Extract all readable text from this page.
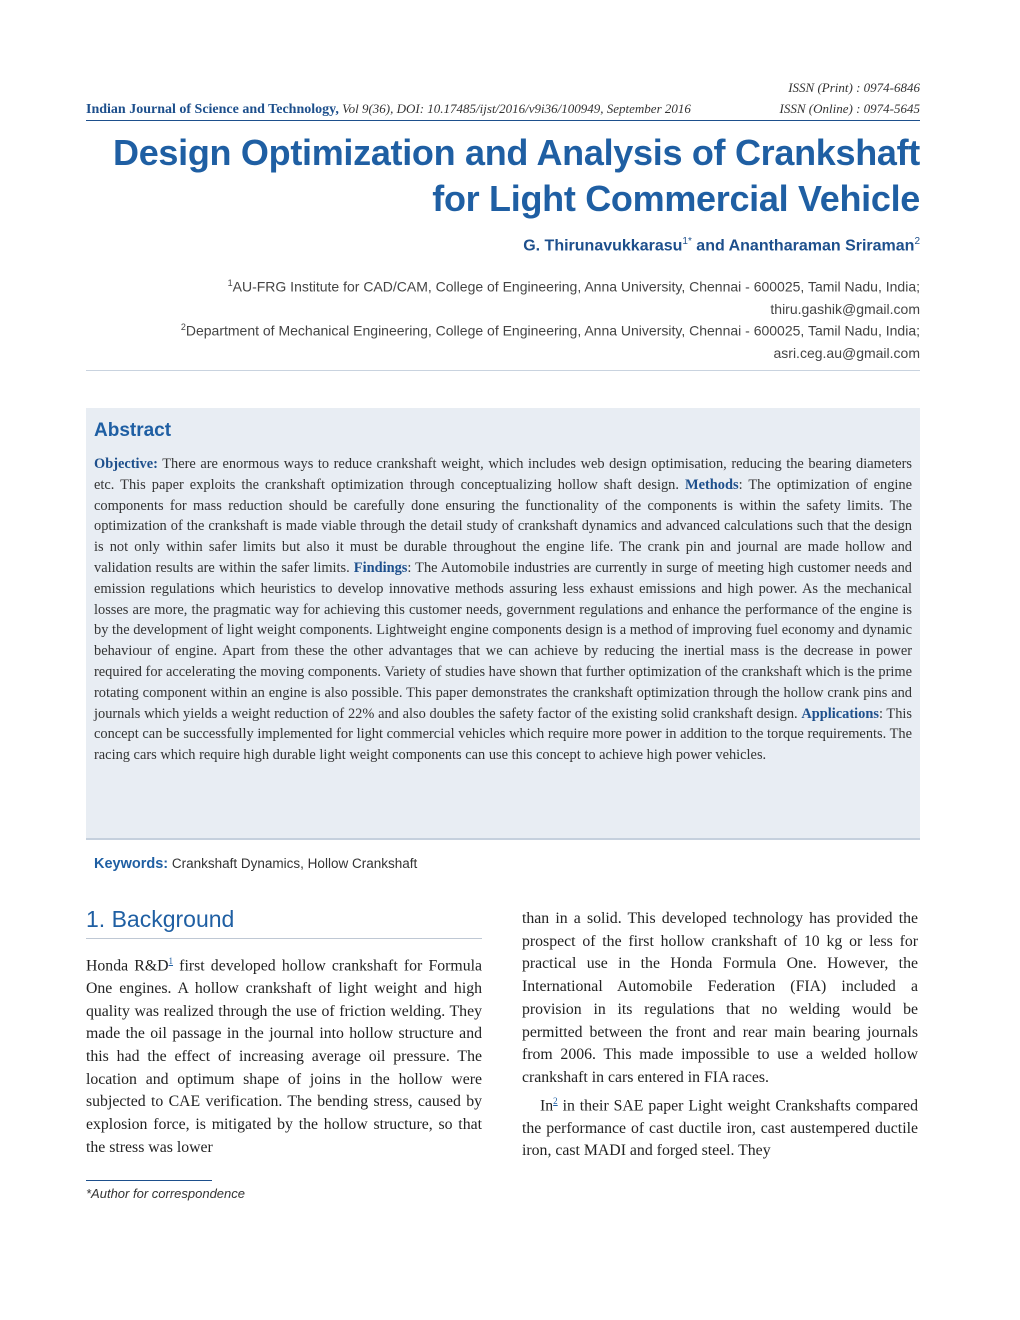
ISSN (Print) : 0974-6846
Indian Journal of Science and Technology, Vol 9(36), DOI: 10.17485/ijst/2016/v9i36/100949, September 2016	ISSN (Online) : 0974-5645
Design Optimization and Analysis of Crankshaft for Light Commercial Vehicle
G. Thirunavukkarasu$^{1*}$ and Anantharaman Sriraman$^2$
$^1$AU-FRG Institute for CAD/CAM, College of Engineering, Anna University, Chennai - 600025, Tamil Nadu, India; thiru.gashik@gmail.com
$^2$Department of Mechanical Engineering, College of Engineering, Anna University, Chennai - 600025, Tamil Nadu, India; asri.ceg.au@gmail.com
Abstract
Objective: There are enormous ways to reduce crankshaft weight, which includes web design optimisation, reducing the bearing diameters etc. This paper exploits the crankshaft optimization through conceptualizing hollow shaft design. Methods: The optimization of engine components for mass reduction should be carefully done ensuring the functionality of the components is within the safety limits. The optimization of the crankshaft is made viable through the detail study of crankshaft dynamics and advanced calculations such that the design is not only within safer limits but also it must be durable throughout the engine life. The crank pin and journal are made hollow and validation results are within the safer limits. Findings: The Automobile industries are currently in surge of meeting high customer needs and emission regulations which heuristics to develop innovative methods assuring less exhaust emissions and high power. As the mechanical losses are more, the pragmatic way for achieving this customer needs, government regulations and enhance the performance of the engine is by the development of light weight components. Lightweight engine components design is a method of improving fuel economy and dynamic behaviour of engine. Apart from these the other advantages that we can achieve by reducing the inertial mass is the decrease in power required for accelerating the moving components. Variety of studies have shown that further optimization of the crankshaft which is the prime rotating component within an engine is also possible. This paper demonstrates the crankshaft optimization through the hollow crank pins and journals which yields a weight reduction of 22% and also doubles the safety factor of the existing solid crankshaft design. Applications: This concept can be successfully implemented for light commercial vehicles which require more power in addition to the torque requirements. The racing cars which require high durable light weight components can use this concept to achieve high power vehicles.
Keywords: Crankshaft Dynamics, Hollow Crankshaft
1. Background

Honda R&D$^1$ first developed hollow crankshaft for Formula One engines. A hollow crankshaft of light weight and high quality was realized through the use of friction welding. They made the oil passage in the journal into hollow structure and this had the effect of increasing average oil pressure. The location and optimum shape of joins in the hollow were subjected to CAE verification. The bending stress, caused by explosion force, is mitigated by the hollow structure, so that the stress was lower

than in a solid. This developed technology has provided the prospect of the first hollow crankshaft of 10 kg or less for practical use in the Honda Formula One. However, the International Automobile Federation (FIA) included a provision in its regulations that no welding would be permitted between the front and rear main bearing journals from 2006. This made impossible to use a welded hollow crankshaft in cars entered in FIA races.

In$^2$ in their SAE paper Light weight Crankshafts compared the performance of cast ductile iron, cast austempered ductile iron, cast MADI and forged steel. They

*Author for correspondence
